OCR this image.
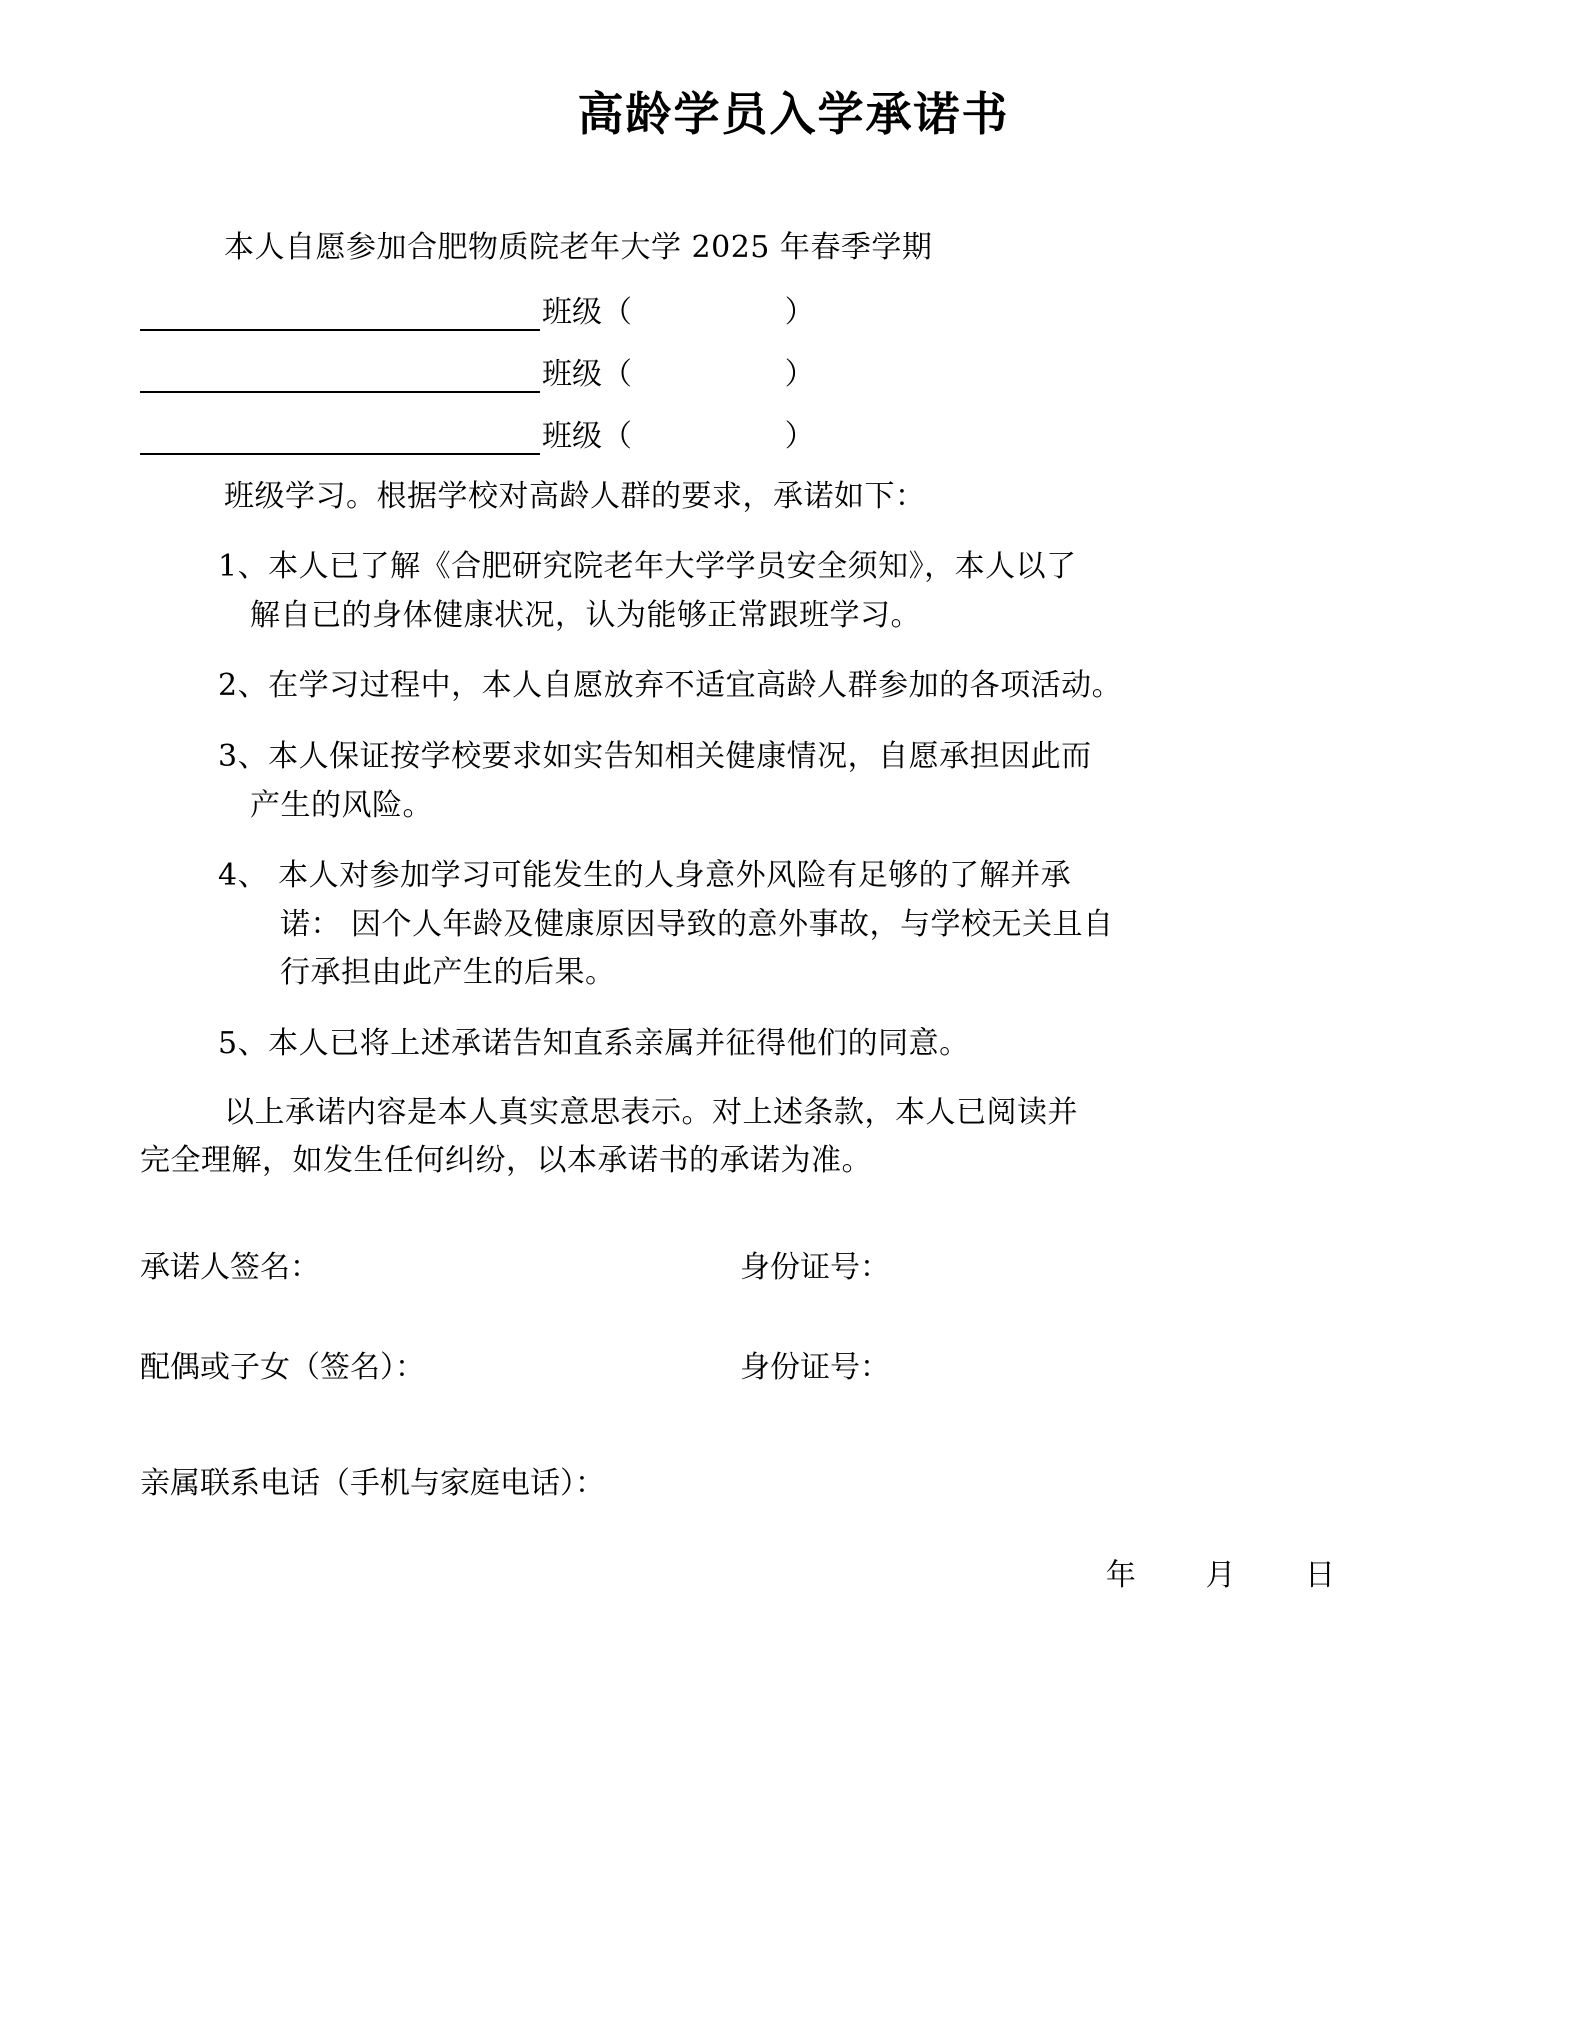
高龄学员入学承诺书
本人自愿参加合肥物质院老年大学 2025 年春季学期
班级（                ）
班级（                ）
班级（                ）
班级学习。根据学校对高龄人群的要求，承诺如下：
1、本人已了解《合肥研究院老年大学学员安全须知》，本人以了
解自已的身体健康状况，认为能够正常跟班学习。
2、在学习过程中，本人自愿放弃不适宜高龄人群参加的各项活动。
3、本人保证按学校要求如实告知相关健康情况，自愿承担因此而
产生的风险。
4、 本人对参加学习可能发生的人身意外风险有足够的了解并承
诺： 因个人年龄及健康原因导致的意外事故，与学校无关且自
行承担由此产生的后果。
5、本人已将上述承诺告知直系亲属并征得他们的同意。
以上承诺内容是本人真实意思表示。对上述条款，本人已阅读并
完全理解，如发生任何纠纷，以本承诺书的承诺为准。
承诺人签名：	身份证号：
配偶或子女（签名）：	身份证号：
亲属联系电话（手机与家庭电话）：
年 月 日
